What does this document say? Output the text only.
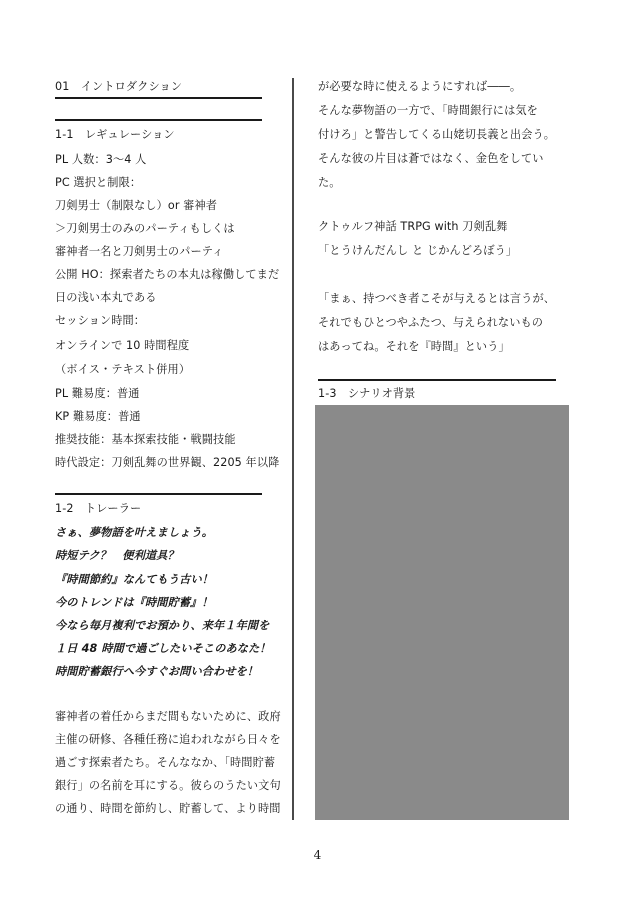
01　イントロダクション
1-1　レギュレーション
PL 人数：3～4 人
PC 選択と制限：
刀剣男士（制限なし）or 審神者
＞刀剣男士のみのパーティもしくは
審神者一名と刀剣男士のパーティ
公開 HO：探索者たちの本丸は稼働してまだ
日の浅い本丸である
セッション時間：
オンラインで 10 時間程度
（ボイス・テキスト併用）
PL 難易度：普通
KP 難易度：普通
推奨技能：基本探索技能・戦闘技能
時代設定：刀剣乱舞の世界観、2205 年以降
1-2　トレーラー
さぁ、夢物語を叶えましょう。
時短テク？　便利道具？
『時間節約』なんてもう古い！
今のトレンドは『時間貯蓄』！
今なら毎月複利でお預かり、来年１年間を
１日 48 時間で過ごしたいそこのあなた！
時間貯蓄銀行へ今すぐお問い合わせを！
審神者の着任からまだ間もないために、政府
主催の研修、各種任務に追われながら日々を
過ごす探索者たち。そんななか、「時間貯蓄
銀行」の名前を耳にする。彼らのうたい文句
の通り、時間を節約し、貯蓄して、より時間
が必要な時に使えるようにすれば――。
そんな夢物語の一方で、「時間銀行には気を
付けろ」と警告してくる山姥切長義と出会う。
そんな彼の片目は蒼ではなく、金色をしてい
た。
クトゥルフ神話 TRPG with 刀剣乱舞
「とうけんだんし と じかんどろぼう」
「まぁ、持つべき者こそが与えるとは言うが、
それでもひとつやふたつ、与えられないもの
はあってね。それを『時間』という」
1-3　シナリオ背景
4
